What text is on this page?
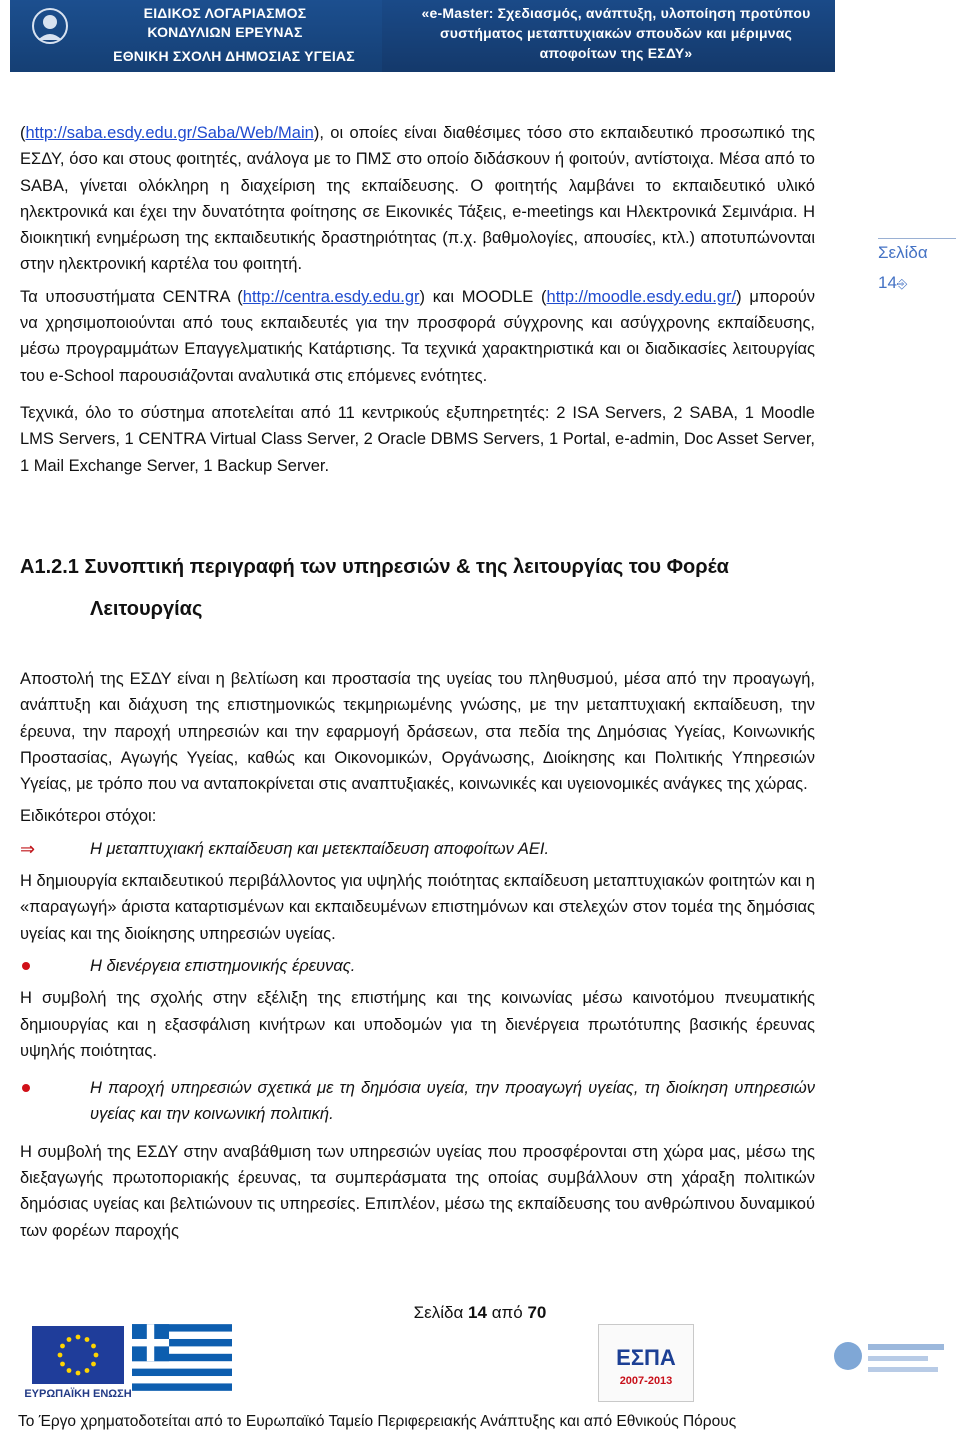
ΕΙΔΙΚΟΣ ΛΟΓΑΡΙΑΣΜΟΣ
ΚΟΝΔΥΛΙΩΝ ΕΡΕΥΝΑΣ
ΕΘΝΙΚΗ ΣΧΟΛΗ ΔΗΜΟΣΙΑΣ ΥΓΕΙΑΣ
«e-Master: Σχεδιασμός, ανάπτυξη, υλοποίηση προτύπου
συστήματος μεταπτυχιακών σπουδών και μέριμνας
αποφοίτων της ΕΣΔΥ»
Σελίδα
14⎆

(http://saba.esdy.edu.gr/Saba/Web/Main), οι οποίες είναι διαθέσιμες τόσο στο εκπαιδευτικό προσωπικό της ΕΣΔΥ, όσο και στους φοιτητές, ανάλογα με το ΠΜΣ στο οποίο διδάσκουν ή φοιτούν, αντίστοιχα. Μέσα από το SABA, γίνεται ολόκληρη η διαχείριση της εκπαίδευσης. Ο φοιτητής λαμβάνει το εκπαιδευτικό υλικό ηλεκτρονικά και έχει την δυνατότητα φοίτησης σε Εικονικές Τάξεις, e-meetings και Ηλεκτρονικά Σεμινάρια. Η διοικητική ενημέρωση της εκπαιδευτικής δραστηριότητας (π.χ. βαθμολογίες, απουσίες, κτλ.) αποτυπώνονται στην ηλεκτρονική καρτέλα του φοιτητή.

Τα υποσυστήματα CENTRA (http://centra.esdy.edu.gr) και MOODLE (http://moodle.esdy.edu.gr/) μπορούν να χρησιμοποιούνται από τους εκπαιδευτές για την προσφορά σύγχρονης και ασύγχρονης εκπαίδευσης, μέσω προγραμμάτων Επαγγελματικής Κατάρτισης. Τα τεχνικά χαρακτηριστικά και οι διαδικασίες λειτουργίας του e-School παρουσιάζονται αναλυτικά στις επόμενες ενότητες.

Τεχνικά, όλο το σύστημα αποτελείται από 11 κεντρικούς εξυπηρετητές: 2 ISA Servers, 2 SABA, 1 Moodle LMS Servers, 1 CENTRA Virtual Class Server, 2 Oracle DBMS Servers, 1 Portal, e-admin, Doc Asset Server, 1 Mail Exchange Server, 1 Backup Server.

A1.2.1 Συνοπτική περιγραφή των υπηρεσιών & της λειτουργίας του Φορέα
Λειτουργίας

Αποστολή της ΕΣΔΥ είναι η βελτίωση και προστασία της υγείας του πληθυσμού, μέσα από την προαγωγή, ανάπτυξη και διάχυση της επιστημονικώς τεκμηριωμένης γνώσης, με την μεταπτυχιακή εκπαίδευση, την έρευνα, την παροχή υπηρεσιών και την εφαρμογή δράσεων, στα πεδία της Δημόσιας Υγείας, Κοινωνικής Προστασίας, Αγωγής Υγείας, καθώς και Οικονομικών, Οργάνωσης, Διοίκησης και Πολιτικής Υπηρεσιών Υγείας, με τρόπο που να ανταποκρίνεται στις αναπτυξιακές, κοινωνικές και υγειονομικές ανάγκες της χώρας.

Ειδικότεροι στόχοι:

⇒	Η μεταπτυχιακή εκπαίδευση και μετεκπαίδευση αποφοίτων ΑΕΙ.

Η δημιουργία εκπαιδευτικού περιβάλλοντος για υψηλής ποιότητας εκπαίδευση μεταπτυχιακών φοιτητών και η «παραγωγή» άριστα καταρτισμένων και εκπαιδευμένων επιστημόνων και στελεχών στον τομέα της δημόσιας υγείας και της διοίκησης υπηρεσιών υγείας.

Η διενέργεια επιστημονικής έρευνας.

Η συμβολή της σχολής στην εξέλιξη της επιστήμης και της κοινωνίας μέσω καινοτόμου πνευματικής δημιουργίας και η εξασφάλιση κινήτρων και υποδομών για τη διενέργεια πρωτότυπης βασικής έρευνας υψηλής ποιότητας.

Η παροχή υπηρεσιών σχετικά με τη δημόσια υγεία, την προαγωγή υγείας, τη διοίκηση υπηρεσιών υγείας και την κοινωνική πολιτική.

Η συμβολή της ΕΣΔΥ στην αναβάθμιση των υπηρεσιών υγείας που προσφέρονται στη χώρα μας, μέσω της διεξαγωγής πρωτοποριακής έρευνας, τα συμπεράσματα της οποίας συμβάλλουν στη χάραξη πολιτικών δημόσιας υγείας και βελτιώνουν τις υπηρεσίες. Επιπλέον, μέσω της εκπαίδευσης του ανθρώπινου δυναμικού των φορέων παροχής

Σελίδα 14 από 70
ΕΥΡΩΠΑΪΚΗ ΕΝΩΣΗ
ΕΣΠΑ
2007-2013
Το Έργο χρηματοδοτείται από το Ευρωπαϊκό Ταμείο Περιφερειακής Ανάπτυξης και από Εθνικούς Πόρους
